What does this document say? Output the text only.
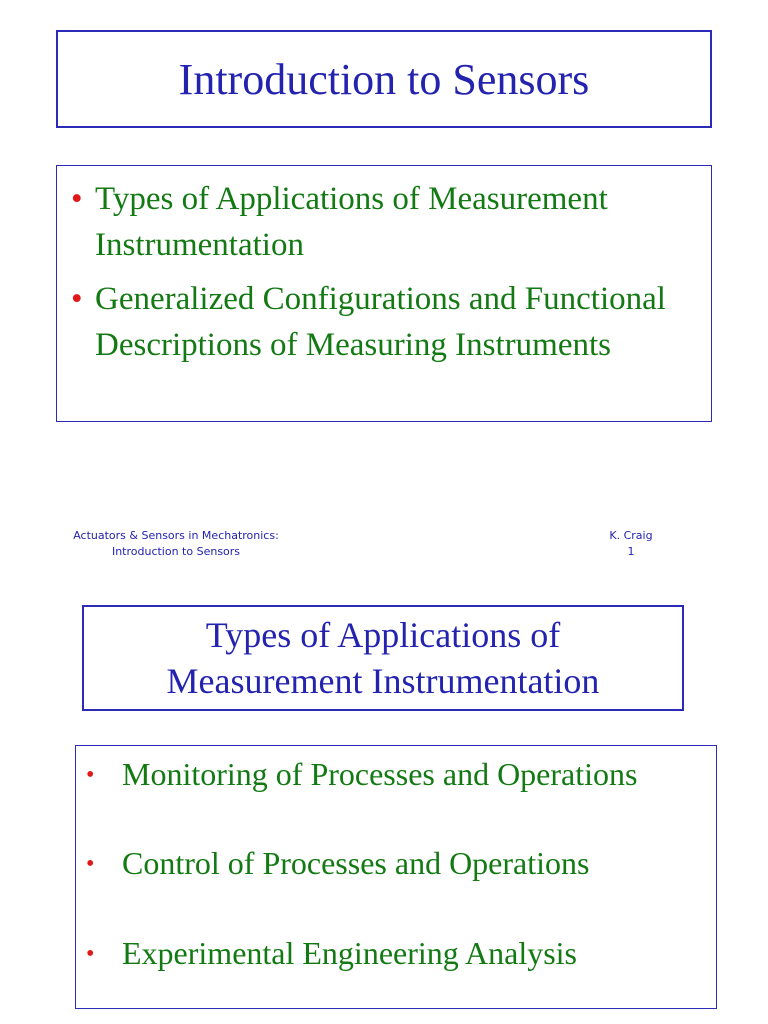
Introduction to Sensors
• Types of Applications of Measurement Instrumentation
• Generalized Configurations and Functional Descriptions of Measuring Instruments
Actuators & Sensors in Mechatronics:
Introduction to Sensors
K. Craig
1
Types of Applications of
Measurement Instrumentation
• Monitoring of Processes and Operations
• Control of Processes and Operations
• Experimental Engineering Analysis
